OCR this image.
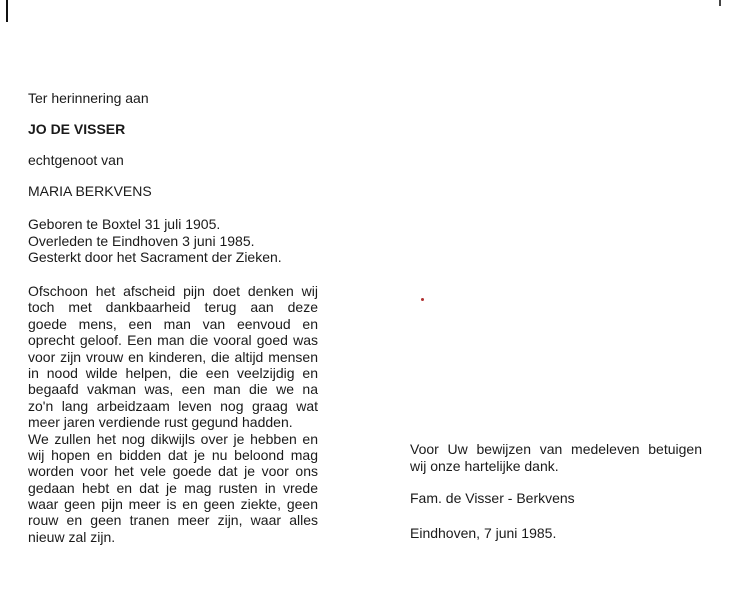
Ter herinnering aan
JO DE VISSER
echtgenoot van
MARIA BERKVENS
Geboren te Boxtel 31 juli 1905.
Overleden te Eindhoven 3 juni 1985.
Gesterkt door het Sacrament der Zieken.
Ofschoon het afscheid pijn doet denken wij
toch met dankbaarheid terug aan deze
goede mens, een man van eenvoud en
oprecht geloof. Een man die vooral goed was
voor zijn vrouw en kinderen, die altijd mensen
in nood wilde helpen, die een veelzijdig en
begaafd vakman was, een man die we na
zo'n lang arbeidzaam leven nog graag wat
meer jaren verdiende rust gegund hadden.
We zullen het nog dikwijls over je hebben en
wij hopen en bidden dat je nu beloond mag
worden voor het vele goede dat je voor ons
gedaan hebt en dat je mag rusten in vrede
waar geen pijn meer is en geen ziekte, geen
rouw en geen tranen meer zijn, waar alles
nieuw zal zijn.
Voor Uw bewijzen van medeleven betuigen
wij onze hartelijke dank.
Fam. de Visser - Berkvens
Eindhoven, 7 juni 1985.
